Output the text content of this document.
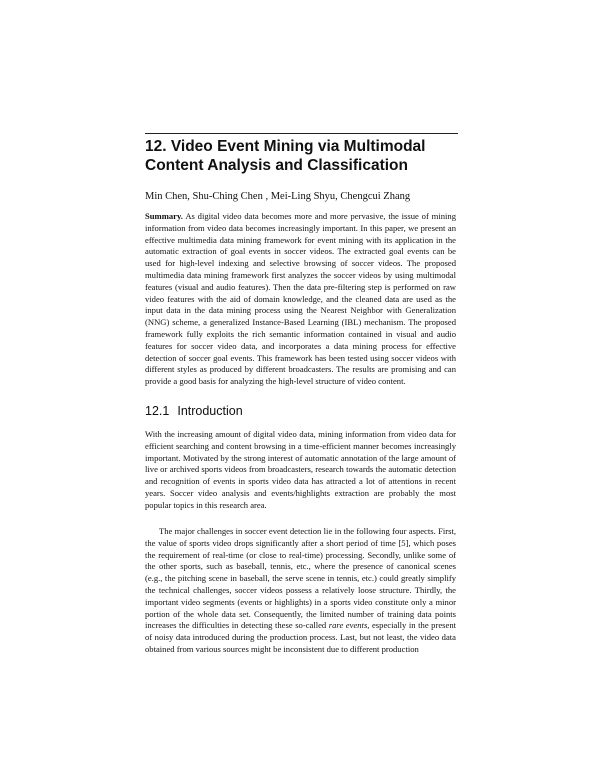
12. Video Event Mining via Multimodal Content Analysis and Classification
Min Chen, Shu-Ching Chen , Mei-Ling Shyu, Chengcui Zhang

Summary. As digital video data becomes more and more pervasive, the issue of mining information from video data becomes increasingly important. In this paper, we present an effective multimedia data mining framework for event mining with its application in the automatic extraction of goal events in soccer videos. The extracted goal events can be used for high-level indexing and selective browsing of soccer videos. The proposed multimedia data mining framework first analyzes the soccer videos by using multimodal features (visual and audio features). Then the data pre-filtering step is performed on raw video features with the aid of domain knowledge, and the cleaned data are used as the input data in the data mining process using the Nearest Neighbor with Generalization (NNG) scheme, a generalized Instance-Based Learning (IBL) mechanism. The proposed framework fully exploits the rich semantic information contained in visual and audio features for soccer video data, and incorporates a data mining process for effective detection of soccer goal events. This framework has been tested using soccer videos with different styles as produced by different broadcasters. The results are promising and can provide a good basis for analyzing the high-level structure of video content.

12.1 Introduction

With the increasing amount of digital video data, mining information from video data for efficient searching and content browsing in a time-efficient manner becomes increasingly important. Motivated by the strong interest of automatic annotation of the large amount of live or archived sports videos from broadcasters, research towards the automatic detection and recognition of events in sports video data has attracted a lot of attentions in recent years. Soccer video analysis and events/highlights extraction are probably the most popular topics in this research area.

The major challenges in soccer event detection lie in the following four aspects. First, the value of sports video drops significantly after a short period of time [5], which poses the requirement of real-time (or close to real-time) processing. Secondly, unlike some of the other sports, such as baseball, tennis, etc., where the presence of canonical scenes (e.g., the pitching scene in baseball, the serve scene in tennis, etc.) could greatly simplify the technical challenges, soccer videos possess a relatively loose structure. Thirdly, the important video segments (events or highlights) in a sports video constitute only a minor portion of the whole data set. Consequently, the limited number of training data points increases the difficulties in detecting these so-called rare events, especially in the present of noisy data introduced during the production process. Last, but not least, the video data obtained from various sources might be inconsistent due to different production
